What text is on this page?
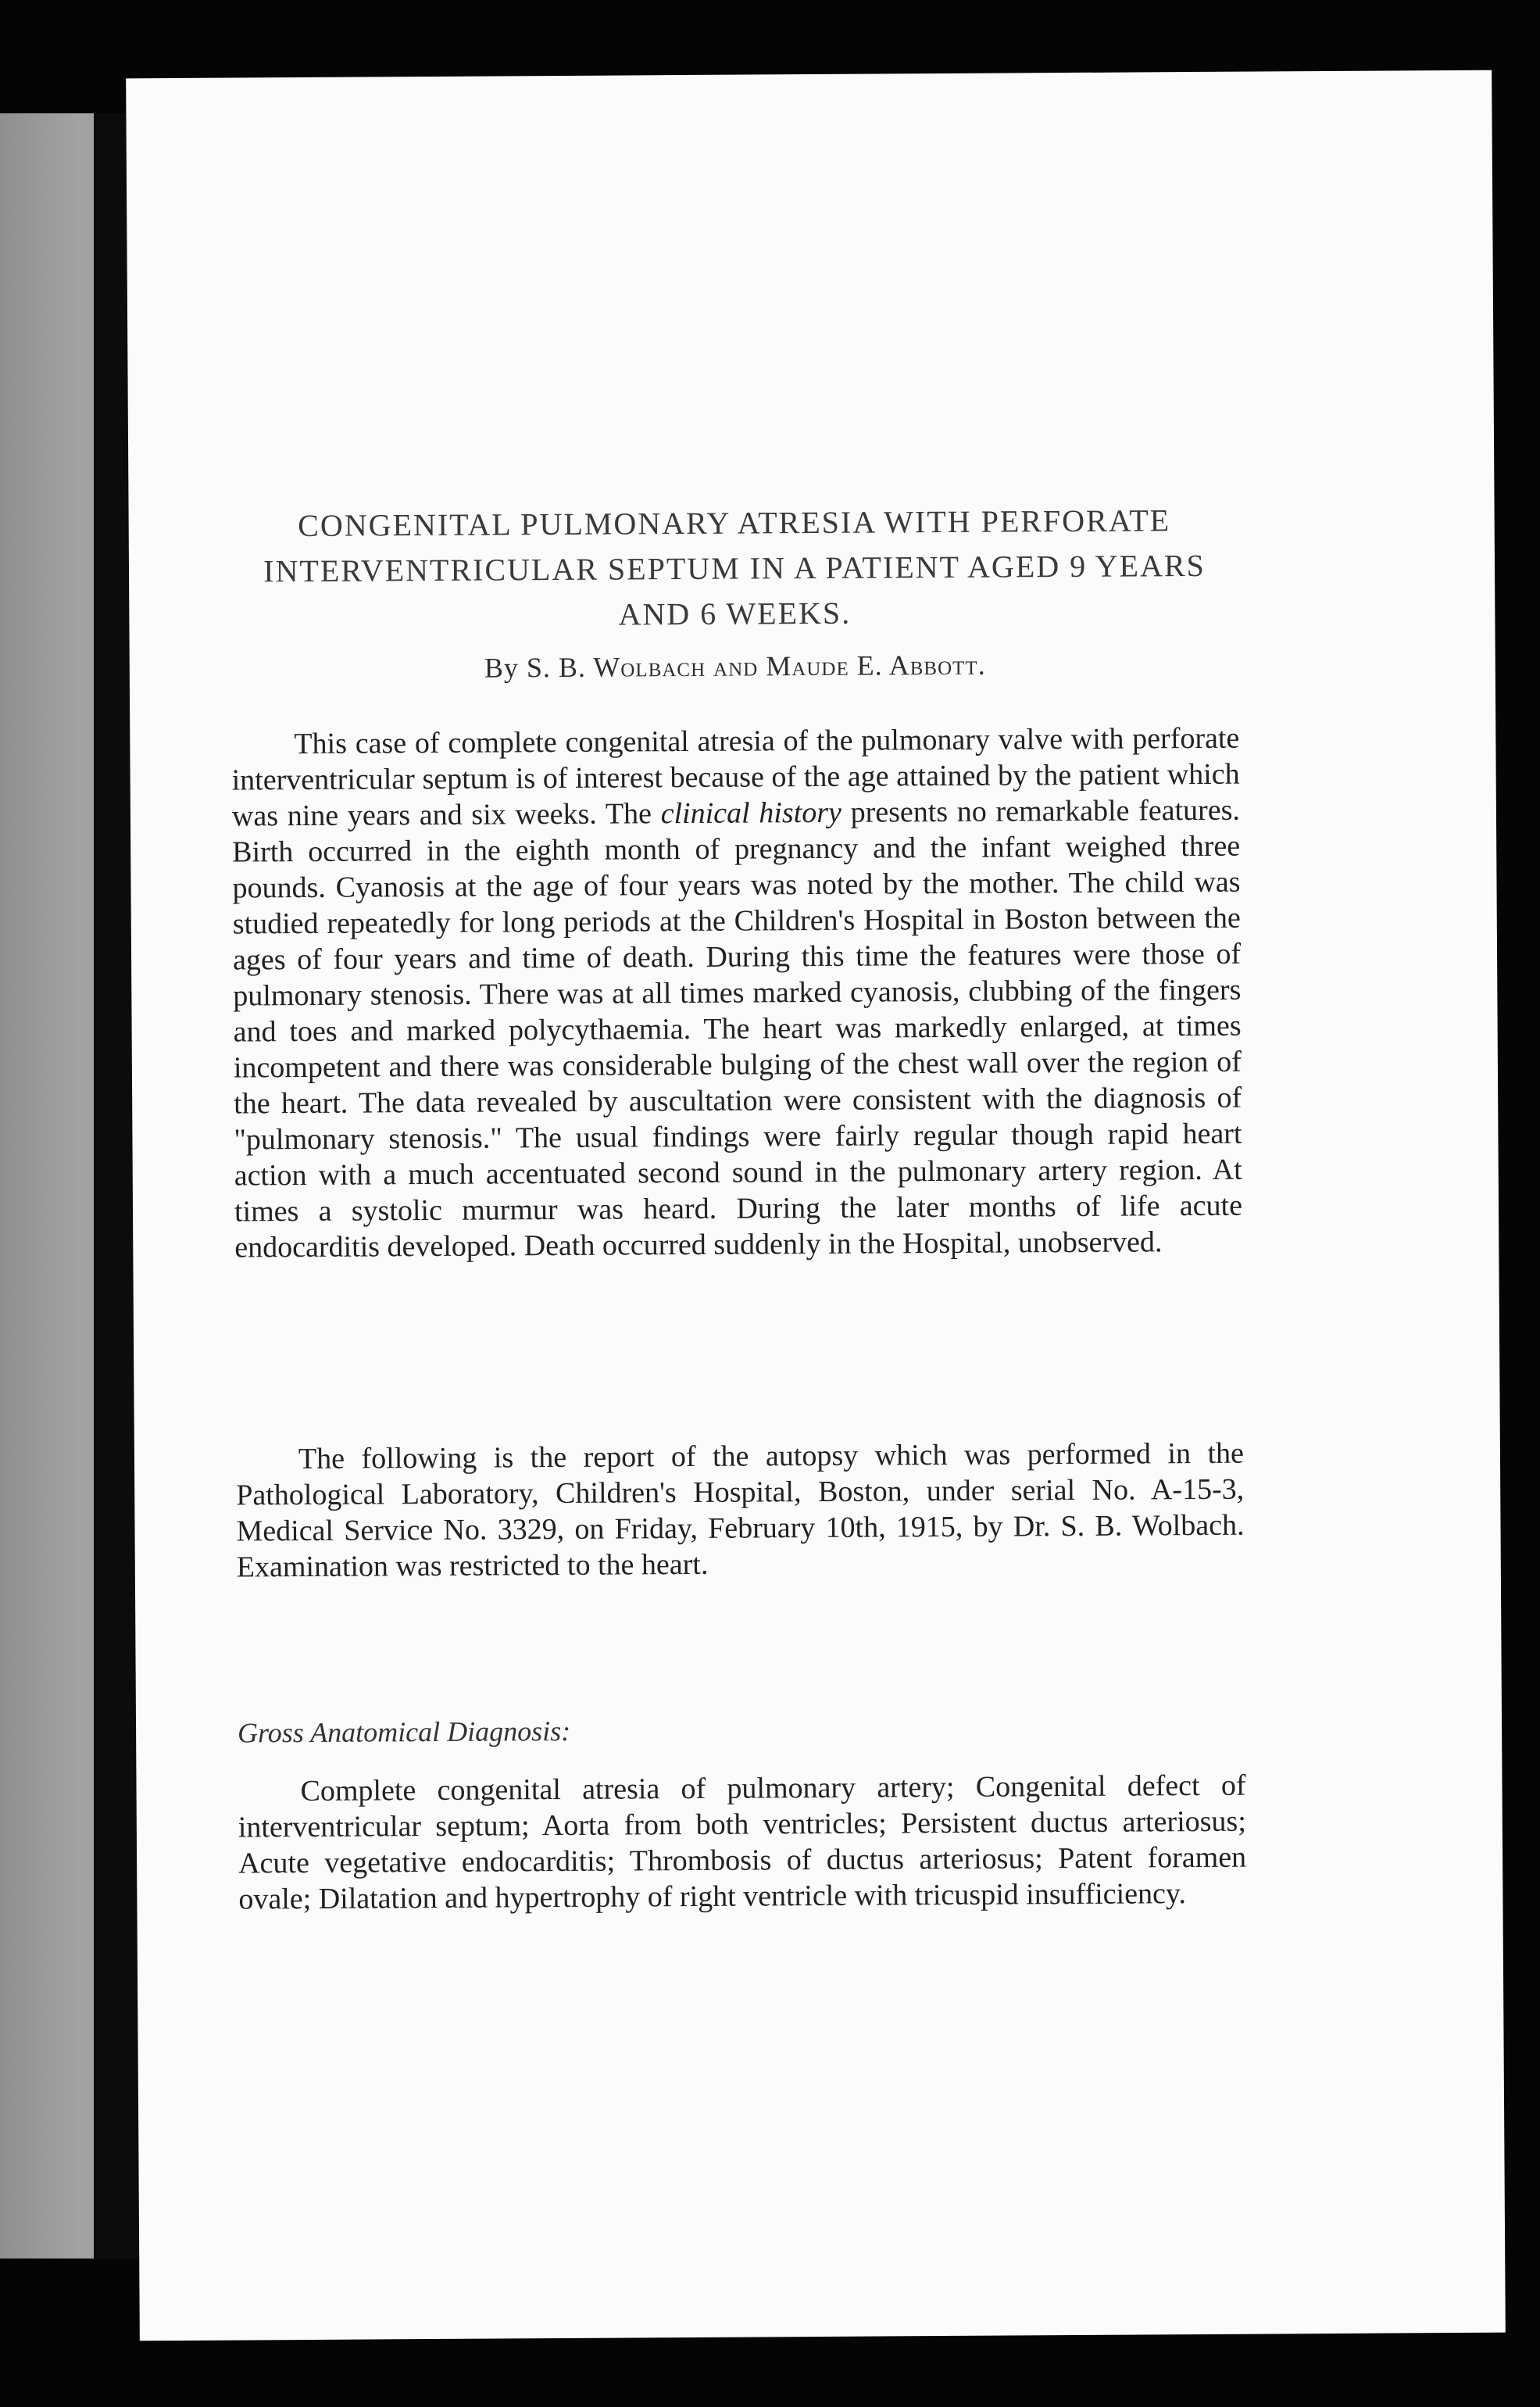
CONGENITAL PULMONARY ATRESIA WITH PERFORATE INTERVENTRICULAR SEPTUM IN A PATIENT AGED 9 YEARS AND 6 WEEKS.

By S. B. Wolbach and Maude E. Abbott.

This case of complete congenital atresia of the pulmonary valve with perforate interventricular septum is of interest because of the age attained by the patient which was nine years and six weeks. The clinical history presents no remarkable features. Birth occurred in the eighth month of pregnancy and the infant weighed three pounds. Cyanosis at the age of four years was noted by the mother. The child was studied repeatedly for long periods at the Children's Hospital in Boston between the ages of four years and time of death. During this time the features were those of pulmonary stenosis. There was at all times marked cyanosis, clubbing of the fingers and toes and marked polycythaemia. The heart was markedly enlarged, at times incompetent and there was considerable bulging of the chest wall over the region of the heart. The data revealed by auscultation were consistent with the diagnosis of "pulmonary stenosis." The usual findings were fairly regular though rapid heart action with a much accentuated second sound in the pulmonary artery region. At times a systolic murmur was heard. During the later months of life acute endocarditis developed. Death occurred suddenly in the Hospital, unobserved.

The following is the report of the autopsy which was performed in the Pathological Laboratory, Children's Hospital, Boston, under serial No. A-15-3, Medical Service No. 3329, on Friday, February 10th, 1915, by Dr. S. B. Wolbach. Examination was restricted to the heart.

Gross Anatomical Diagnosis:

Complete congenital atresia of pulmonary artery; Congenital defect of interventricular septum; Aorta from both ventricles; Persistent ductus arteriosus; Acute vegetative endocarditis; Thrombosis of ductus arteriosus; Patent foramen ovale; Dilatation and hypertrophy of right ventricle with tricuspid insufficiency.
